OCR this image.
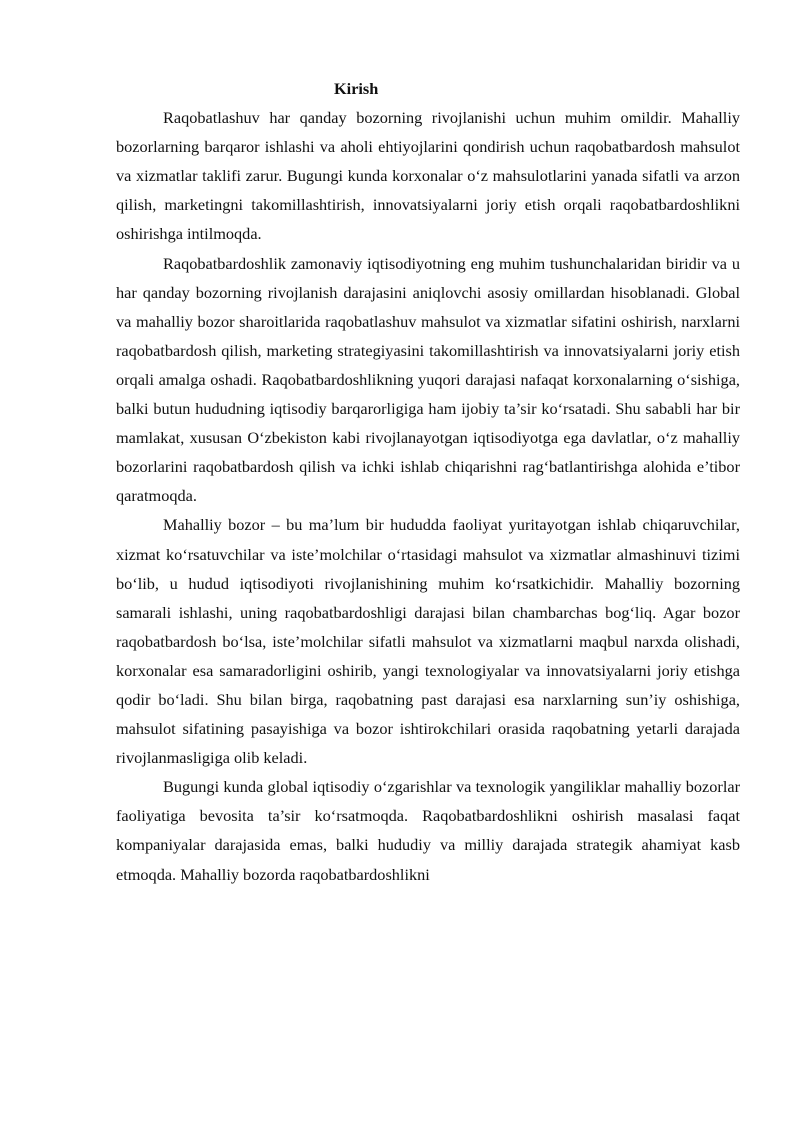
Kirish

Raqobatlashuv har qanday bozorning rivojlanishi uchun muhim omildir. Mahalliy bozorlarning barqaror ishlashi va aholi ehtiyojlarini qondirish uchun raqobatbardosh mahsulot va xizmatlar taklifi zarur. Bugungi kunda korxonalar o‘z mahsulotlarini yanada sifatli va arzon qilish, marketingni takomillashtirish, innovatsiyalarni joriy etish orqali raqobatbardoshlikni oshirishga intilmoqda.

Raqobatbardoshlik zamonaviy iqtisodiyotning eng muhim tushunchalaridan biridir va u har qanday bozorning rivojlanish darajasini aniqlovchi asosiy omillardan hisoblanadi. Global va mahalliy bozor sharoitlarida raqobatlashuv mahsulot va xizmatlar sifatini oshirish, narxlarni raqobatbardosh qilish, marketing strategiyasini takomillashtirish va innovatsiyalarni joriy etish orqali amalga oshadi. Raqobatbardoshlikning yuqori darajasi nafaqat korxonalarning o‘sishiga, balki butun hududning iqtisodiy barqarorligiga ham ijobiy ta’sir ko‘rsatadi. Shu sababli har bir mamlakat, xususan O‘zbekiston kabi rivojlanayotgan iqtisodiyotga ega davlatlar, o‘z mahalliy bozorlarini raqobatbardosh qilish va ichki ishlab chiqarishni rag‘batlantirishga alohida e’tibor qaratmoqda.

Mahalliy bozor – bu ma’lum bir hududda faoliyat yuritayotgan ishlab chiqaruvchilar, xizmat ko‘rsatuvchilar va iste’molchilar o‘rtasidagi mahsulot va xizmatlar almashinuvi tizimi bo‘lib, u hudud iqtisodiyoti rivojlanishining muhim ko‘rsatkichidir. Mahalliy bozorning samarali ishlashi, uning raqobatbardoshligi darajasi bilan chambarchas bog‘liq. Agar bozor raqobatbardosh bo‘lsa, iste’molchilar sifatli mahsulot va xizmatlarni maqbul narxda olishadi, korxonalar esa samaradorligini oshirib, yangi texnologiyalar va innovatsiyalarni joriy etishga qodir bo‘ladi. Shu bilan birga, raqobatning past darajasi esa narxlarning sun’iy oshishiga, mahsulot sifatining pasayishiga va bozor ishtirokchilari orasida raqobatning yetarli darajada rivojlanmasligiga olib keladi.

Bugungi kunda global iqtisodiy o‘zgarishlar va texnologik yangiliklar mahalliy bozorlar faoliyatiga bevosita ta’sir ko‘rsatmoqda. Raqobatbardoshlikni oshirish masalasi faqat kompaniyalar darajasida emas, balki hududiy va milliy darajada strategik ahamiyat kasb etmoqda. Mahalliy bozorda raqobatbardoshlikni
